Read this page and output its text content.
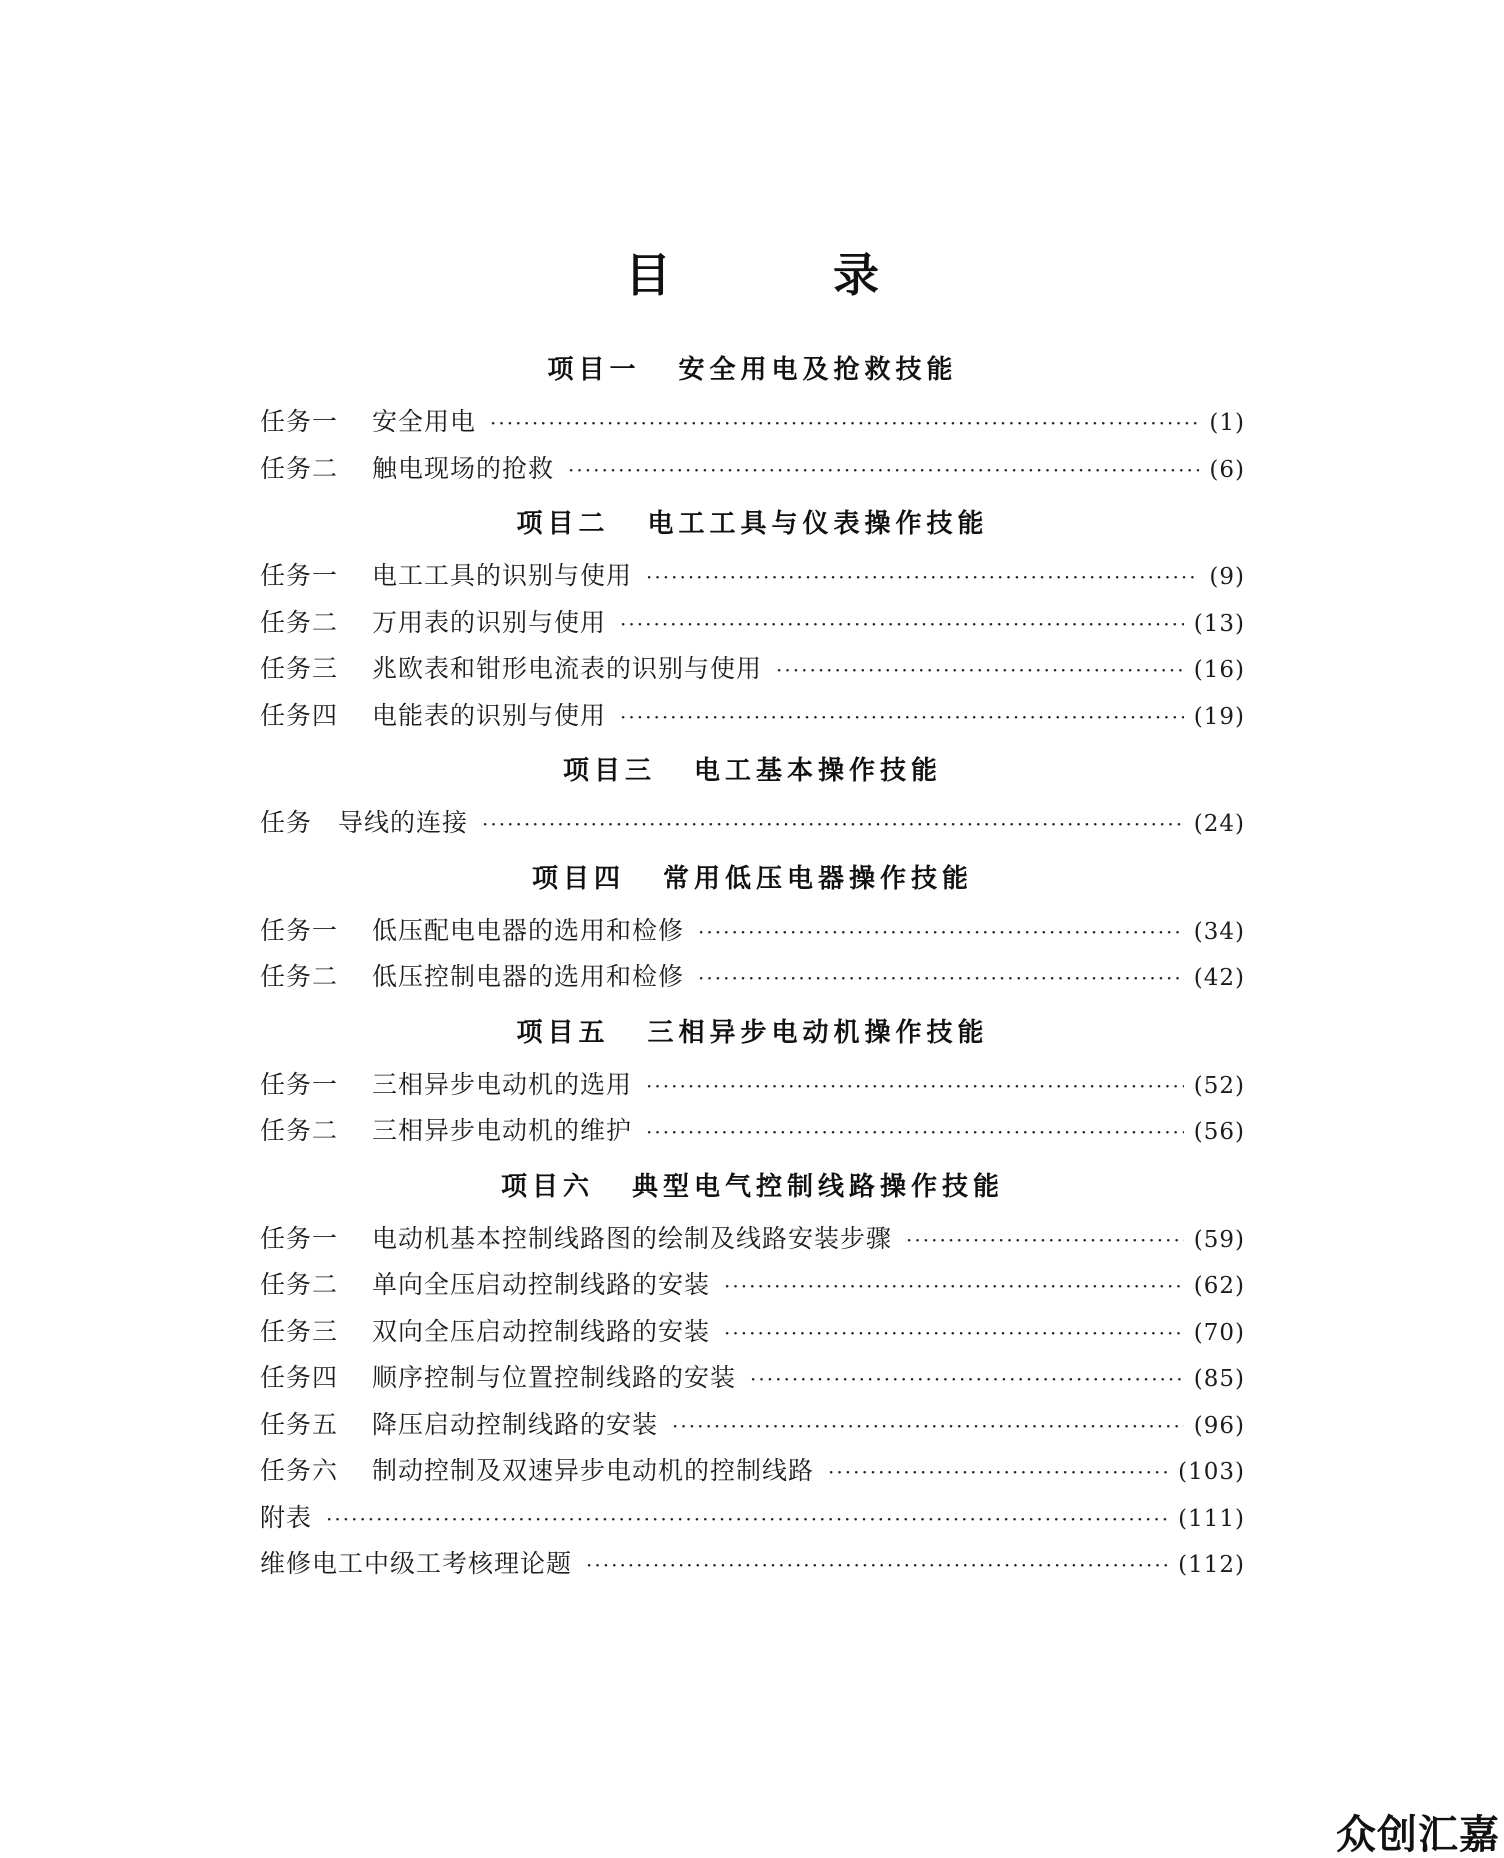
目　录
项目一 安全用电及抢救技能
任务一 安全用电 ·····	(1)
任务二 触电现场的抢救 ·····	(6)
项目二 电工工具与仪表操作技能
任务一 电工工具的识别与使用 ·····	(9)
任务二 万用表的识别与使用 ·····	(13)
任务三 兆欧表和钳形电流表的识别与使用 ·····	(16)
任务四 电能表的识别与使用 ·····	(19)
项目三 电工基本操作技能
任务 导线的连接 ·····	(24)
项目四 常用低压电器操作技能
任务一 低压配电电器的选用和检修 ·····	(34)
任务二 低压控制电器的选用和检修 ·····	(42)
项目五 三相异步电动机操作技能
任务一 三相异步电动机的选用 ·····	(52)
任务二 三相异步电动机的维护 ·····	(56)
项目六 典型电气控制线路操作技能
任务一 电动机基本控制线路图的绘制及线路安装步骤 ·····	(59)
任务二 单向全压启动控制线路的安装 ·····	(62)
任务三 双向全压启动控制线路的安装 ·····	(70)
任务四 顺序控制与位置控制线路的安装 ·····	(85)
任务五 降压启动控制线路的安装 ·····	(96)
任务六 制动控制及双速异步电动机的控制线路 ·····	(103)
附表 ·····	(111)
维修电工中级工考核理论题 ·····	(112)
众创汇嘉
